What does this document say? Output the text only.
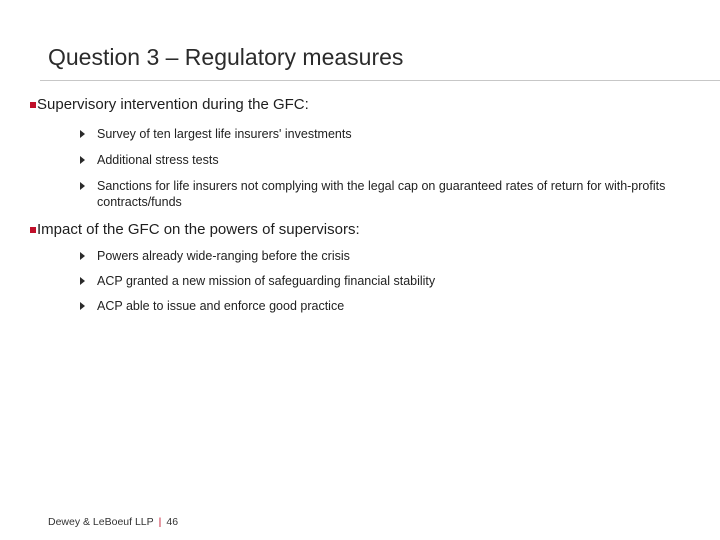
Question 3 – Regulatory measures
Supervisory intervention during the GFC:
Survey of ten largest life insurers' investments
Additional stress tests
Sanctions for life insurers not complying with the legal cap on guaranteed rates of return for with-profits contracts/funds
Impact of the GFC on the powers of supervisors:
Powers already wide-ranging before the crisis
ACP granted a new mission of safeguarding financial stability
ACP able to issue and enforce good practice
Dewey & LeBoeuf LLP | 46
